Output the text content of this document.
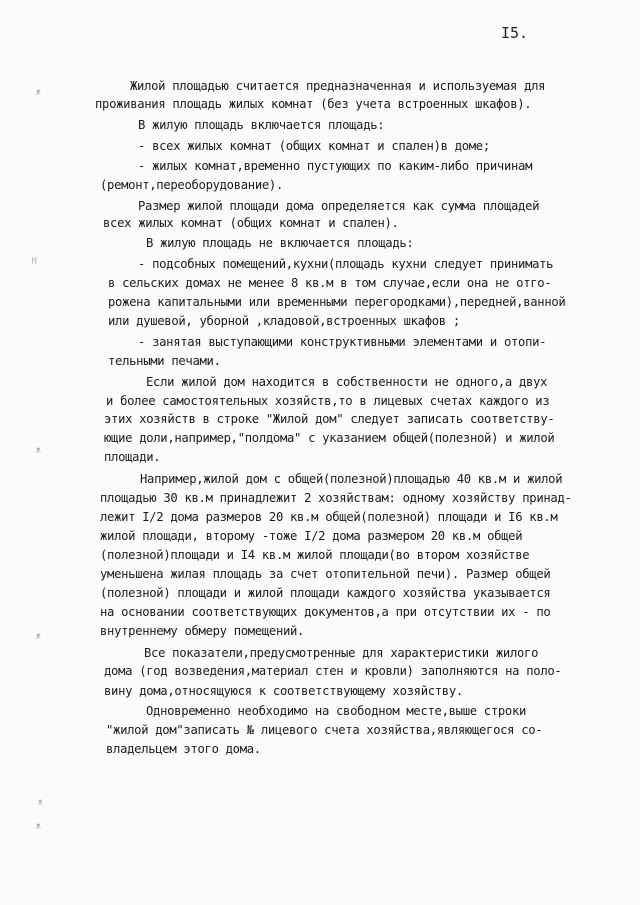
I5.
ᵜ
ꟸ
ᵜ
ᵜ
ᵜ
ᵜ
Жилой площадью считается предназначенная и используемая для
проживания площадь жилых комнат (без учета встроенных шкафов).
В жилую площадь включается площадь:
- всех жилых комнат (общих комнат и спален)в доме;
- жилых комнат,временно пустующих по каким-либо причинам
(ремонт,переоборудование).
Размер жилой площади дома определяется как сумма площадей
всех жилых комнат (общих комнат и спален).
В жилую площадь не включается площадь:
- подсобных помещений,кухни(площадь кухни следует принимать
в сельских домах не менее 8 кв.м в том случае,если она не отго-
рожена капитальными или временными перегородками),передней,ванной
или душевой, уборной ,кладовой,встроенных шкафов ;
- занятая выступающими конструктивными элементами и отопи-
тельными печами.
Если жилой дом находится в собственности не одного,а двух
и более самостоятельных хозяйств,то в лицевых счетах каждого из
этих хозяйств в строке "Жилой дом" следует записать соответству-
ющие доли,например,"полдома" с указанием общей(полезной) и жилой
площади.
Например,жилой дом с общей(полезной)площадью 40 кв.м и жилой
площадью 30 кв.м принадлежит 2 хозяйствам: одному хозяйству принад-
лежит I/2 дома размеров 20 кв.м общей(полезной) площади и I6 кв.м
жилой площади, второму -тоже I/2 дома размером 20 кв.м общей
(полезной)площади и I4 кв.м жилой площади(во втором хозяйстве
уменьшена жилая площадь за счет отопительной печи). Размер общей
(полезной) площади и жилой площади каждого хозяйства указывается
на основании соответствующих документов,а при отсутствии их - по
внутреннему обмеру помещений.
Все показатели,предусмотренные для характеристики жилого
дома (год возведения,материал стен и кровли) заполняются на поло-
вину дома,относящуюся к соответствующему хозяйству.
Одновременно необходимо на свободном месте,выше строки
"жилой дом"записать № лицевого счета хозяйства,являющегося со-
владельцем этого дома.
